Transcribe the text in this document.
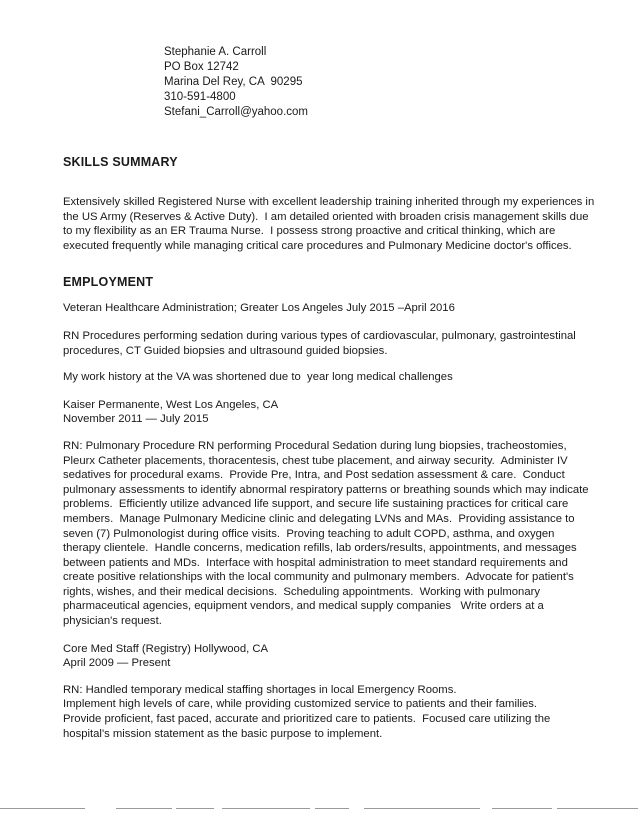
Stephanie A. Carroll
PO Box 12742
Marina Del Rey, CA  90295
310-591-4800
Stefani_Carroll@yahoo.com
SKILLS SUMMARY

Extensively skilled Registered Nurse with excellent leadership training inherited through my experiences in the US Army (Reserves & Active Duty).  I am detailed oriented with broaden crisis management skills due to my flexibility as an ER Trauma Nurse.  I possess strong proactive and critical thinking, which are executed frequently while managing critical care procedures and Pulmonary Medicine doctor's offices.

EMPLOYMENT

Veteran Healthcare Administration; Greater Los Angeles July 2015 –April 2016

RN Procedures performing sedation during various types of cardiovascular, pulmonary, gastrointestinal procedures, CT Guided biopsies and ultrasound guided biopsies.

My work history at the VA was shortened due to  year long medical challenges

Kaiser Permanente, West Los Angeles, CA

November 2011 — July 2015

RN: Pulmonary Procedure RN performing Procedural Sedation during lung biopsies, tracheostomies, Pleurx Catheter placements, thoracentesis, chest tube placement, and airway security.  Administer IV sedatives for procedural exams.  Provide Pre, Intra, and Post sedation assessment & care.  Conduct pulmonary assessments to identify abnormal respiratory patterns or breathing sounds which may indicate problems.  Efficiently utilize advanced life support, and secure life sustaining practices for critical care members.  Manage Pulmonary Medicine clinic and delegating LVNs and MAs.  Providing assistance to seven (7) Pulmonologist during office visits.  Proving teaching to adult COPD, asthma, and oxygen therapy clientele.  Handle concerns, medication refills, lab orders/results, appointments, and messages between patients and MDs.  Interface with hospital administration to meet standard requirements and create positive relationships with the local community and pulmonary members.  Advocate for patient's rights, wishes, and their medical decisions.  Scheduling appointments.  Working with pulmonary pharmaceutical agencies, equipment vendors, and medical supply companies   Write orders at a physician's request.

Core Med Staff (Registry) Hollywood, CA

April 2009 — Present

RN: Handled temporary medical staffing shortages in local Emergency Rooms.

Implement high levels of care, while providing customized service to patients and their families.

Provide proficient, fast paced, accurate and prioritized care to patients.  Focused care utilizing the hospital's mission statement as the basic purpose to implement.
